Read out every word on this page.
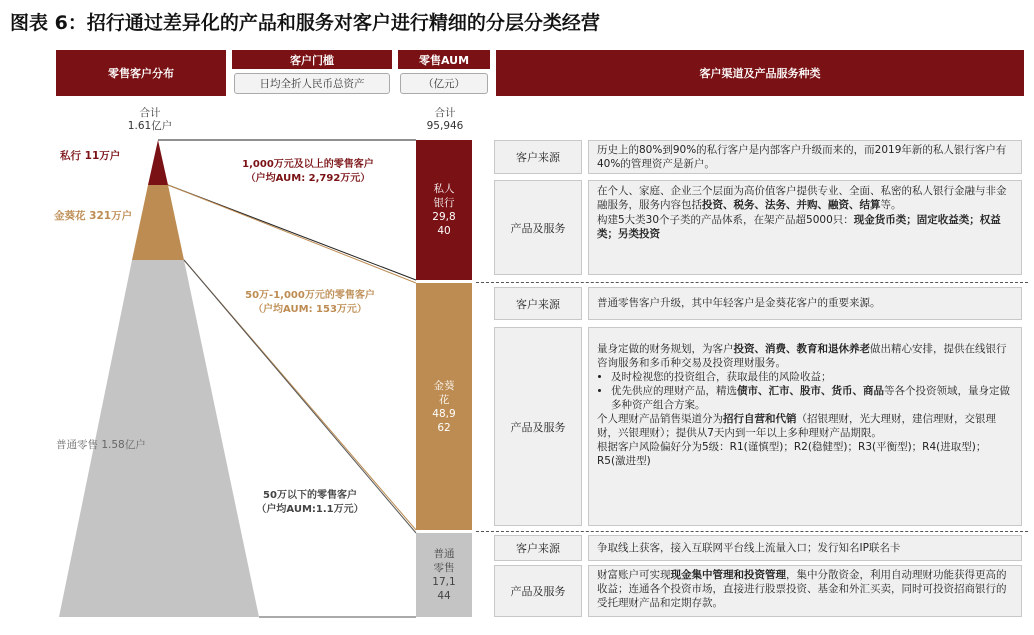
图表 6：招行通过差异化的产品和服务对客户进行精细的分层分类经营
零售客户分布
客户门槛
日均全折人民币总资产
零售AUM
（亿元）
客户渠道及产品服务种类
合计
1.61亿户
合计
95,946
私行 11万户
金葵花 321万户
普通零售 1.58亿户
1,000万元及以上的零售客户
（户均AUM: 2,792万元）
50万-1,000万元的零售客户
（户均AUM: 153万元）
50万以下的零售客户
（户均AUM:1.1万元）
私人
银行
29,8
40
金葵
花
48,9
62
普通
零售
17,1
44
客户来源

历史上的80%到90%的私行客户是内部客户升级而来的，而2019年新的私人银行客户有40%的管理资产是新户。

产品及服务

在个人、家庭、企业三个层面为高价值客户提供专业、全面、私密的私人银行金融与非金融服务，服务内容包括投资、税务、法务、并购、融资、结算等。

构建5大类30个子类的产品体系，在架产品超5000只：现金货币类；固定收益类；权益类；另类投资

客户来源	普通零售客户升级，其中年轻客户是金葵花客户的重要来源。

产品及服务

量身定做的财务规划，为客户投资、消费、教育和退休养老做出精心安排，提供在线银行咨询服务和多币种交易及投资理财服务。

• 及时检视您的投资组合，获取最佳的风险收益；
• 优先供应的理财产品，精选债市、汇市、股市、货币、商品等各个投资领域，量身定做多种资产组合方案。

个人理财产品销售渠道分为招行自营和代销（招银理财，光大理财，建信理财，交银理财，兴银理财）；提供从7天内到一年以上多种理财产品期限。

根据客户风险偏好分为5级：R1(谨慎型)；R2(稳健型)；R3(平衡型)；R4(进取型)；R5(激进型)

客户来源	争取线上获客，接入互联网平台线上流量入口；发行知名IP联名卡

产品及服务

财富账户可实现现金集中管理和投资管理，集中分散资金，利用自动理财功能获得更高的收益；连通各个投资市场，直接进行股票投资、基金和外汇买卖，同时可投资招商银行的受托理财产品和定期存款。
